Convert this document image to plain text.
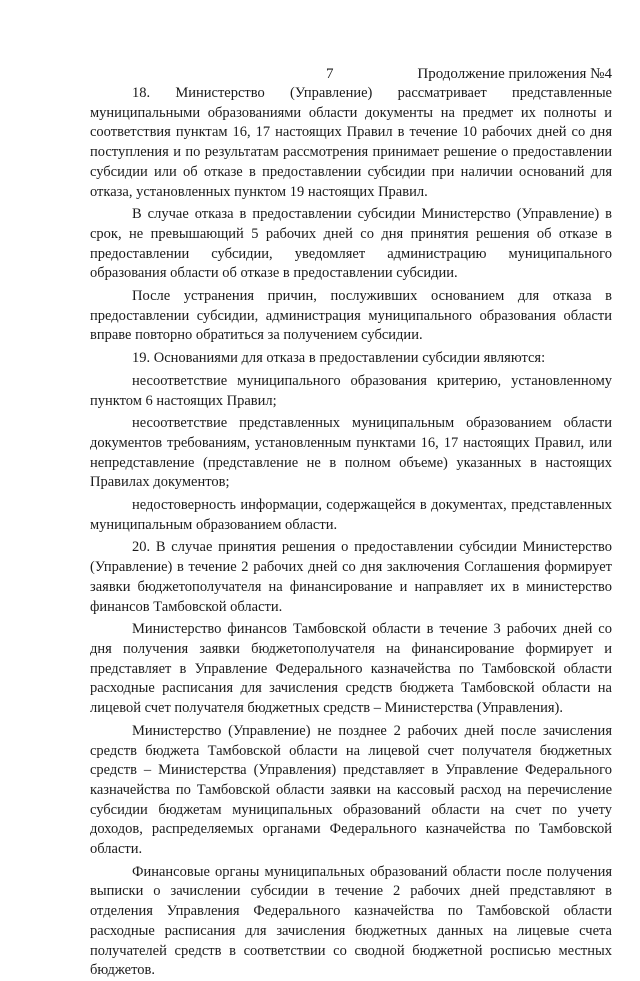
7	Продолжение приложения №4

18. Министерство (Управление) рассматривает представленные муниципальными образованиями области документы на предмет их полноты и соответствия пунктам 16, 17 настоящих Правил в течение 10 рабочих дней со дня поступления и по результатам рассмотрения принимает решение о предоставлении субсидии или об отказе в предоставлении субсидии при наличии оснований для отказа, установленных пунктом 19 настоящих Правил.

В случае отказа в предоставлении субсидии Министерство (Управление) в срок, не превышающий 5 рабочих дней со дня принятия решения об отказе в предоставлении субсидии, уведомляет администрацию муниципального образования области об отказе в предоставлении субсидии.

После устранения причин, послуживших основанием для отказа в предоставлении субсидии, администрация муниципального образования области вправе повторно обратиться за получением субсидии.

19. Основаниями для отказа в предоставлении субсидии являются:

несоответствие муниципального образования критерию, установленному пунктом 6 настоящих Правил;

несоответствие представленных муниципальным образованием области документов требованиям, установленным пунктами 16, 17 настоящих Правил, или непредставление (представление не в полном объеме) указанных в настоящих Правилах документов;

недостоверность информации, содержащейся в документах, представленных муниципальным образованием области.

20. В случае принятия решения о предоставлении субсидии Министерство (Управление) в течение 2 рабочих дней со дня заключения Соглашения формирует заявки бюджетополучателя на финансирование и направляет их в министерство финансов Тамбовской области.

Министерство финансов Тамбовской области в течение 3 рабочих дней со дня получения заявки бюджетополучателя на финансирование формирует и представляет в Управление Федерального казначейства по Тамбовской области расходные расписания для зачисления средств бюджета Тамбовской области на лицевой счет получателя бюджетных средств – Министерства (Управления).

Министерство (Управление) не позднее 2 рабочих дней после зачисления средств бюджета Тамбовской области на лицевой счет получателя бюджетных средств – Министерства (Управления) представляет в Управление Федерального казначейства по Тамбовской области заявки на кассовый расход на перечисление субсидии бюджетам муниципальных образований области на счет по учету доходов, распределяемых органами Федерального казначейства по Тамбовской области.

Финансовые органы муниципальных образований области после получения выписки о зачислении субсидии в течение 2 рабочих дней представляют в отделения Управления Федерального казначейства по Тамбовской области расходные расписания для зачисления бюджетных данных на лицевые счета получателей средств в соответствии со сводной бюджетной росписью местных бюджетов.
